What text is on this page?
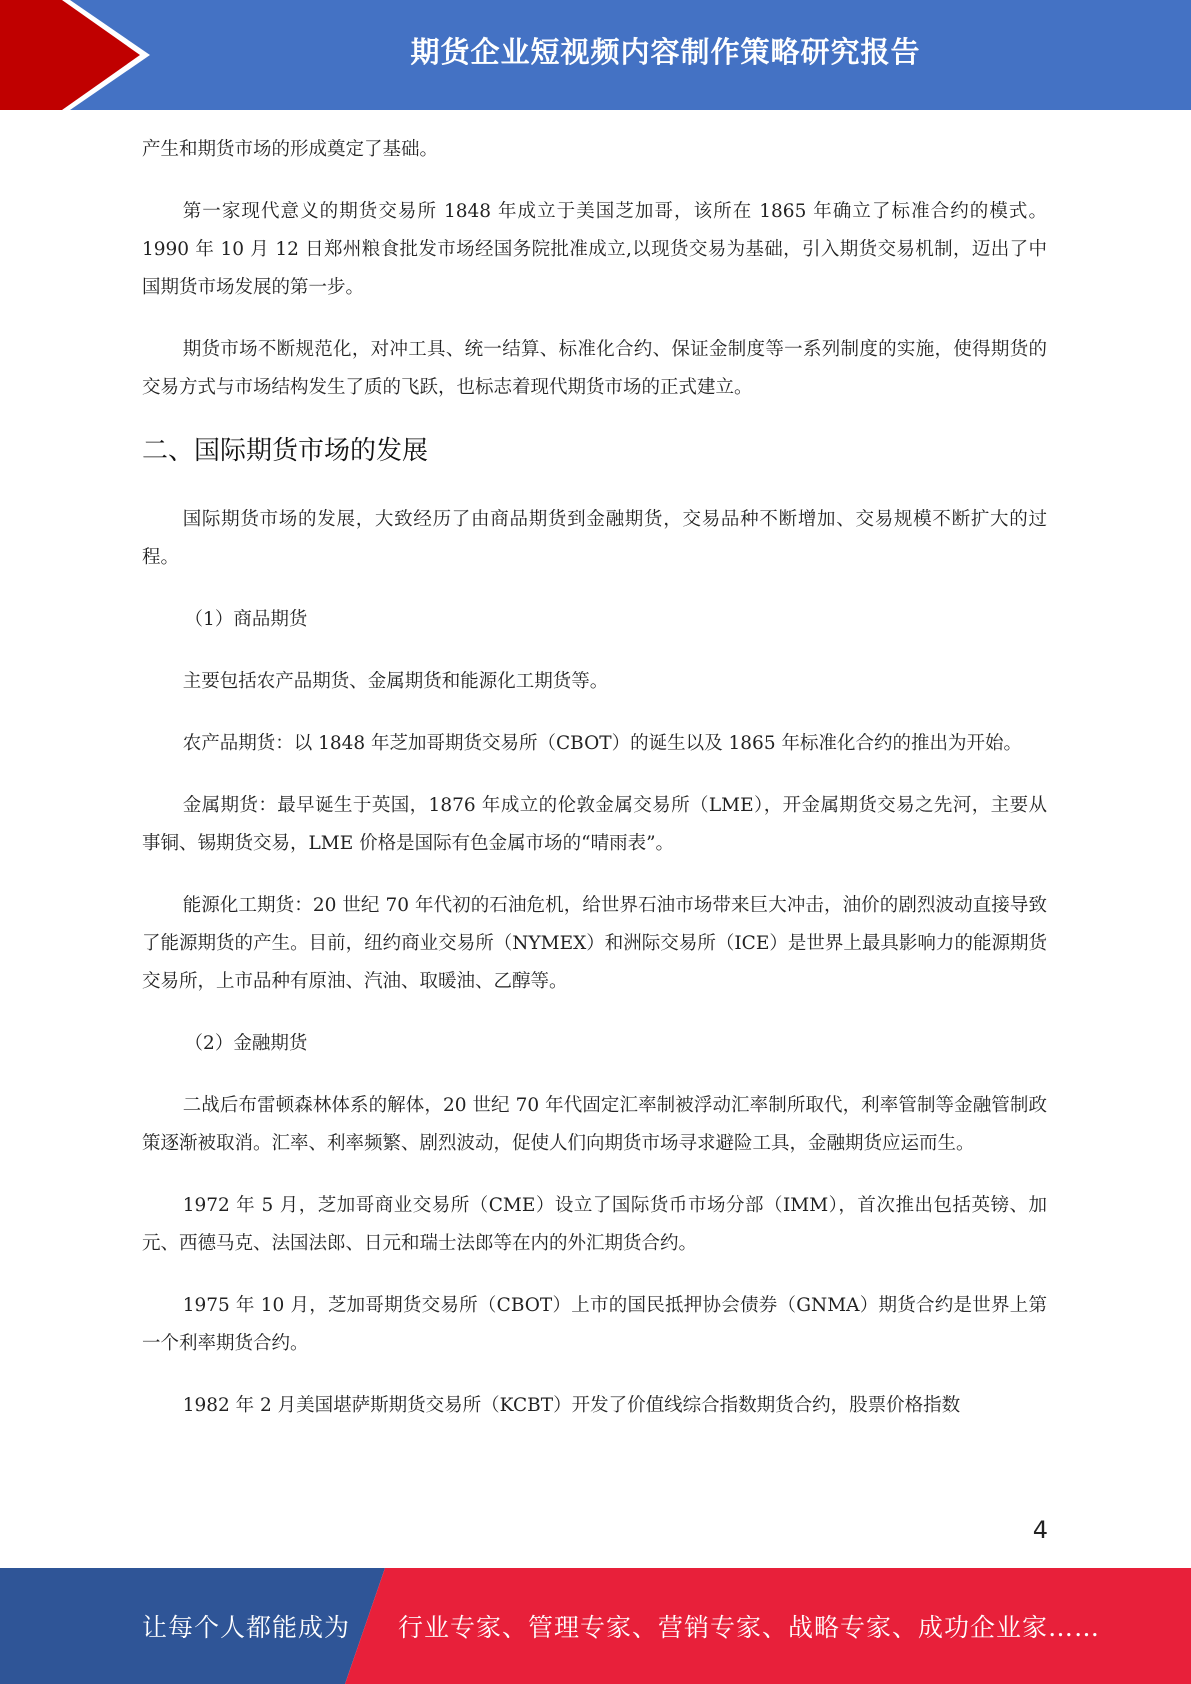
期货企业短视频内容制作策略研究报告

产生和期货市场的形成奠定了基础。

第一家现代意义的期货交易所 1848 年成立于美国芝加哥，该所在 1865 年确立了标准合约的模式。1990 年 10 月 12 日郑州粮食批发市场经国务院批准成立,以现货交易为基础，引入期货交易机制，迈出了中国期货市场发展的第一步。

期货市场不断规范化，对冲工具、统一结算、标准化合约、保证金制度等一系列制度的实施，使得期货的交易方式与市场结构发生了质的飞跃，也标志着现代期货市场的正式建立。

二、国际期货市场的发展

国际期货市场的发展，大致经历了由商品期货到金融期货，交易品种不断增加、交易规模不断扩大的过程。

（1）商品期货

主要包括农产品期货、金属期货和能源化工期货等。

农产品期货：以 1848 年芝加哥期货交易所（CBOT）的诞生以及 1865 年标准化合约的推出为开始。

金属期货：最早诞生于英国，1876 年成立的伦敦金属交易所（LME），开金属期货交易之先河，主要从事铜、锡期货交易，LME 价格是国际有色金属市场的“晴雨表”。

能源化工期货：20 世纪 70 年代初的石油危机，给世界石油市场带来巨大冲击，油价的剧烈波动直接导致了能源期货的产生。目前，纽约商业交易所（NYMEX）和洲际交易所（ICE）是世界上最具影响力的能源期货交易所，上市品种有原油、汽油、取暖油、乙醇等。

（2）金融期货

二战后布雷顿森林体系的解体，20 世纪 70 年代固定汇率制被浮动汇率制所取代，利率管制等金融管制政策逐渐被取消。汇率、利率频繁、剧烈波动，促使人们向期货市场寻求避险工具，金融期货应运而生。

1972 年 5 月，芝加哥商业交易所（CME）设立了国际货币市场分部（IMM），首次推出包括英镑、加元、西德马克、法国法郎、日元和瑞士法郎等在内的外汇期货合约。

1975 年 10 月，芝加哥期货交易所（CBOT）上市的国民抵押协会债券（GNMA）期货合约是世界上第一个利率期货合约。

1982 年 2 月美国堪萨斯期货交易所（KCBT）开发了价值线综合指数期货合约，股票价格指数

4
让每个人都能成为 行业专家、管理专家、营销专家、战略专家、成功企业家……
